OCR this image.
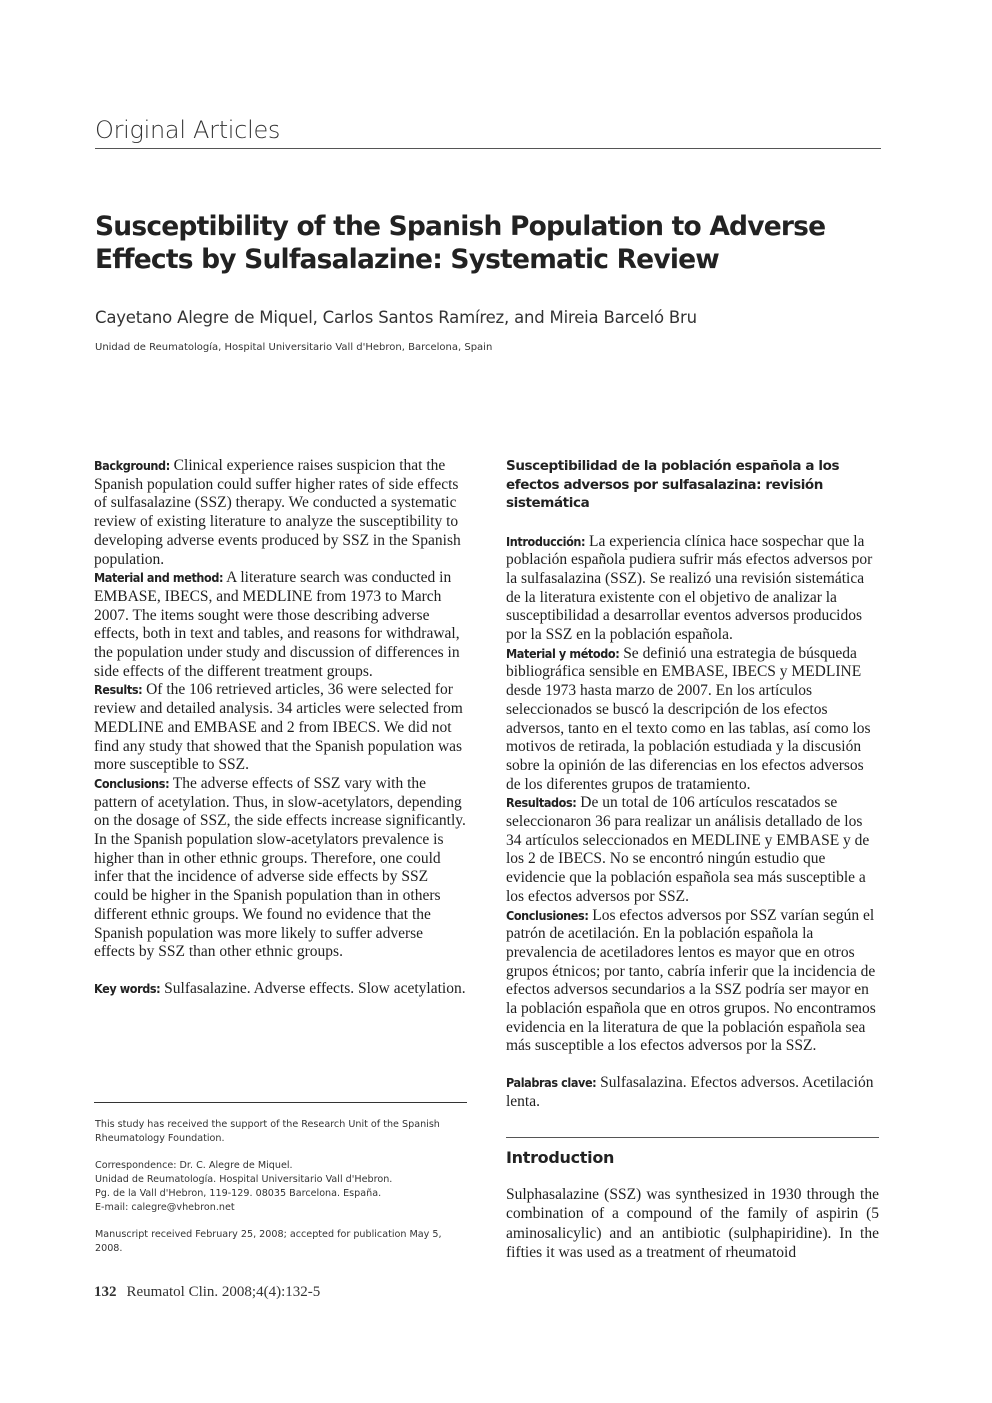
Original Articles
Susceptibility of the Spanish Population to Adverse Effects by Sulfasalazine: Systematic Review
Cayetano Alegre de Miquel, Carlos Santos Ramírez, and Mireia Barceló Bru
Unidad de Reumatología, Hospital Universitario Vall d'Hebron, Barcelona, Spain

Background: Clinical experience raises suspicion that the Spanish population could suffer higher rates of side effects of sulfasalazine (SSZ) therapy. We conducted a systematic review of existing literature to analyze the susceptibility to developing adverse events produced by SSZ in the Spanish population.

Material and method: A literature search was conducted in EMBASE, IBECS, and MEDLINE from 1973 to March 2007. The items sought were those describing adverse effects, both in text and tables, and reasons for withdrawal, the population under study and discussion of differences in side effects of the different treatment groups.

Results: Of the 106 retrieved articles, 36 were selected for review and detailed analysis. 34 articles were selected from MEDLINE and EMBASE and 2 from IBECS. We did not find any study that showed that the Spanish population was more susceptible to SSZ.

Conclusions: The adverse effects of SSZ vary with the pattern of acetylation. Thus, in slow-acetylators, depending on the dosage of SSZ, the side effects increase significantly. In the Spanish population slow-acetylators prevalence is higher than in other ethnic groups. Therefore, one could infer that the incidence of adverse side effects by SSZ could be higher in the Spanish population than in others different ethnic groups. We found no evidence that the Spanish population was more likely to suffer adverse effects by SSZ than other ethnic groups.

Key words: Sulfasalazine. Adverse effects. Slow acetylation.

Susceptibilidad de la población española a los efectos adversos por sulfasalazina: revisión sistemática

Introducción: La experiencia clínica hace sospechar que la población española pudiera sufrir más efectos adversos por la sulfasalazina (SSZ). Se realizó una revisión sistemática de la literatura existente con el objetivo de analizar la susceptibilidad a desarrollar eventos adversos producidos por la SSZ en la población española.

Material y método: Se definió una estrategia de búsqueda bibliográfica sensible en EMBASE, IBECS y MEDLINE desde 1973 hasta marzo de 2007. En los artículos seleccionados se buscó la descripción de los efectos adversos, tanto en el texto como en las tablas, así como los motivos de retirada, la población estudiada y la discusión sobre la opinión de las diferencias en los efectos adversos de los diferentes grupos de tratamiento.

Resultados: De un total de 106 artículos rescatados se seleccionaron 36 para realizar un análisis detallado de los 34 artículos seleccionados en MEDLINE y EMBASE y de los 2 de IBECS. No se encontró ningún estudio que evidencie que la población española sea más susceptible a los efectos adversos por SSZ.

Conclusiones: Los efectos adversos por SSZ varían según el patrón de acetilación. En la población española la prevalencia de acetiladores lentos es mayor que en otros grupos étnicos; por tanto, cabría inferir que la incidencia de efectos adversos secundarios a la SSZ podría ser mayor en la población española que en otros grupos. No encontramos evidencia en la literatura de que la población española sea más susceptible a los efectos adversos por la SSZ.

Palabras clave: Sulfasalazina. Efectos adversos. Acetilación lenta.

Introduction

Sulphasalazine (SSZ) was synthesized in 1930 through the combination of a compound of the family of aspirin (5 aminosalicylic) and an antibiotic (sulphapiridine). In the fifties it was used as a treatment of rheumatoid

This study has received the support of the Research Unit of the Spanish Rheumatology Foundation.

Correspondence: Dr. C. Alegre de Miquel.
Unidad de Reumatología. Hospital Universitario Vall d'Hebron.
Pg. de la Vall d'Hebron, 119-129. 08035 Barcelona. España.
E-mail: calegre@vhebron.net

Manuscript received February 25, 2008; accepted for publication May 5, 2008.

132 Reumatol Clin. 2008;4(4):132-5
